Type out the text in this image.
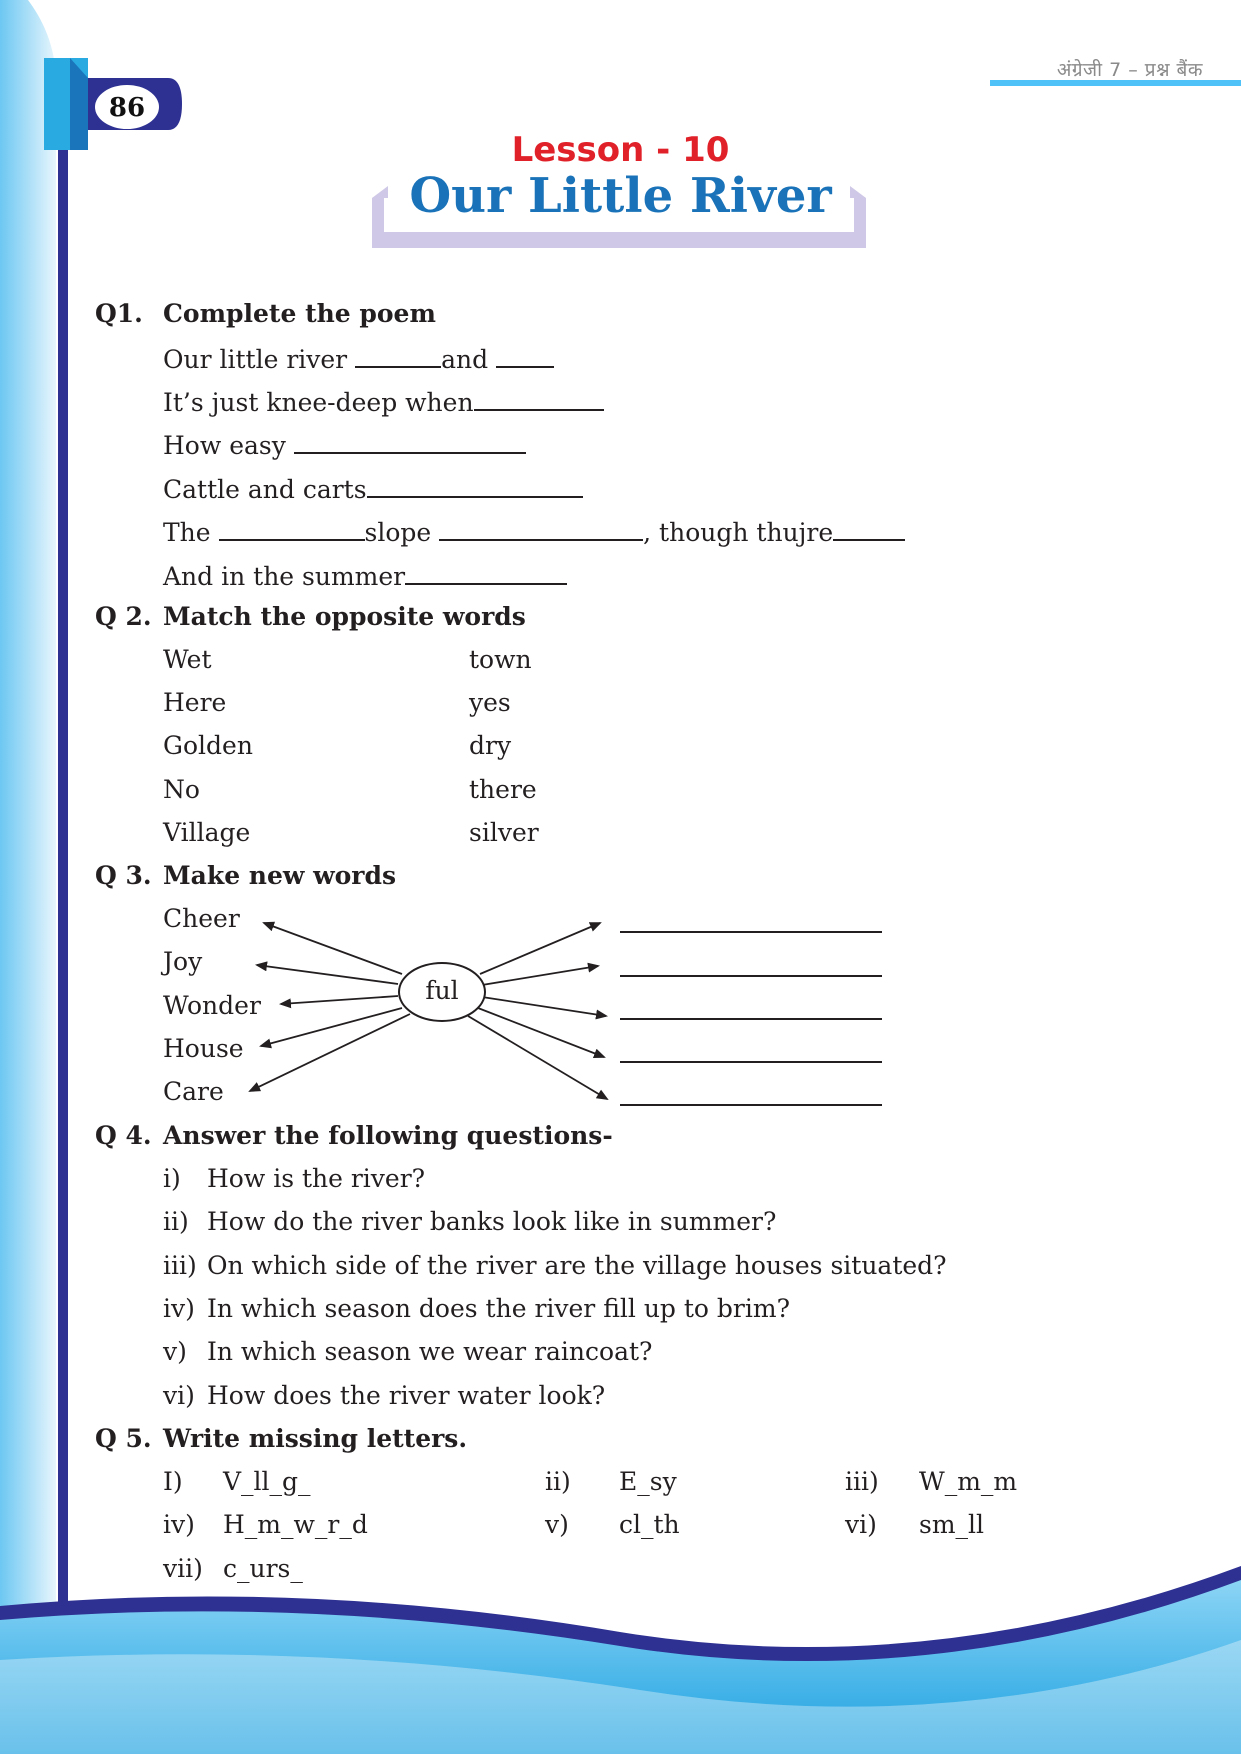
अंग्रेजी 7 – प्रश्न बैंक
86
Lesson - 10
Our Little River
Q1. Complete the poem
Our little river	and
It’s just knee-deep when
How easy
Cattle and carts
The	slope	, though thujre
And in the summer
Q 2. Match the opposite words
Wet	town
Here	yes
Golden	dry
No	there
Village	silver
Q 3. Make new words
Cheer
Joy
Wonder
House
Care
ful
Q 4. Answer the following questions-
i) How is the river?
ii) How do the river banks look like in summer?
iii) On which side of the river are the village houses situated?
iv) In which season does the river fill up to brim?
v) In which season we wear raincoat?
vi) How does the river water look?
Q 5. Write missing letters.
I) V_ll_g_	ii) E_sy	iii) W_m_m
iv) H_m_w_r_d	v) cl_th	vi) sm_ll
vii) c_urs_
